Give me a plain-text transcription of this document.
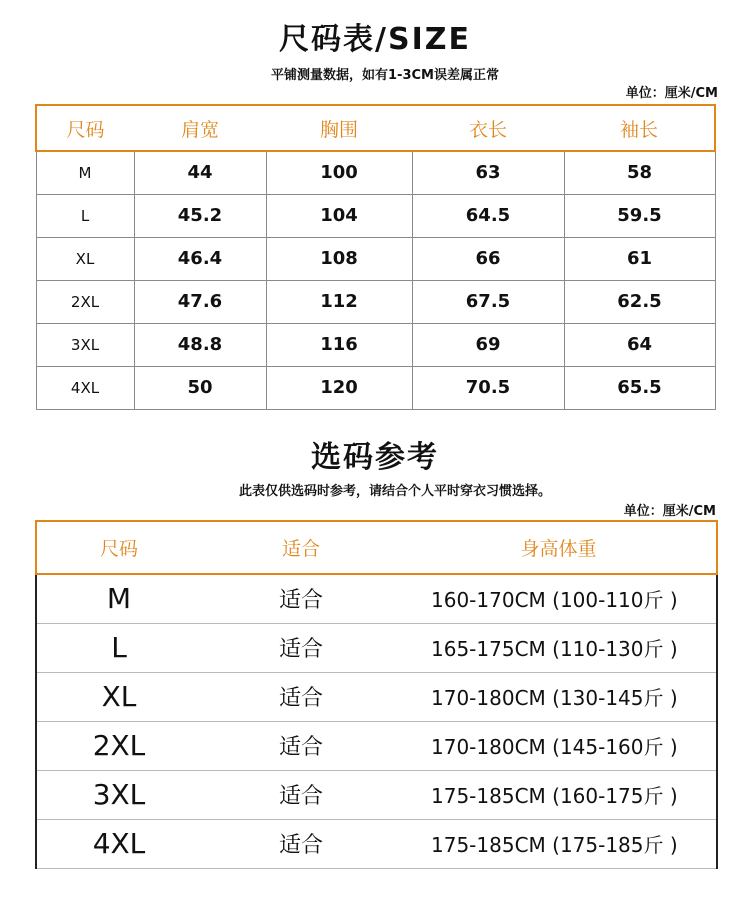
尺码表/SIZE
平铺测量数据，如有1-3CM误差属正常
单位：厘米/CM
尺码	肩宽	胸围	衣长	袖长
M	44	100	63	58
L	45.2	104	64.5	59.5
XL	46.4	108	66	61
2XL	47.6	112	67.5	62.5
3XL	48.8	116	69	64
4XL	50	120	70.5	65.5
选码参考
此表仅供选码时参考，请结合个人平时穿衣习惯选择。
单位：厘米/CM
尺码	适合	身高体重
M	适合	160-170CM (100-110斤 )
L	适合	165-175CM (110-130斤 )
XL	适合	170-180CM (130-145斤 )
2XL	适合	170-180CM (145-160斤 )
3XL	适合	175-185CM (160-175斤 )
4XL	适合	175-185CM (175-185斤 )
